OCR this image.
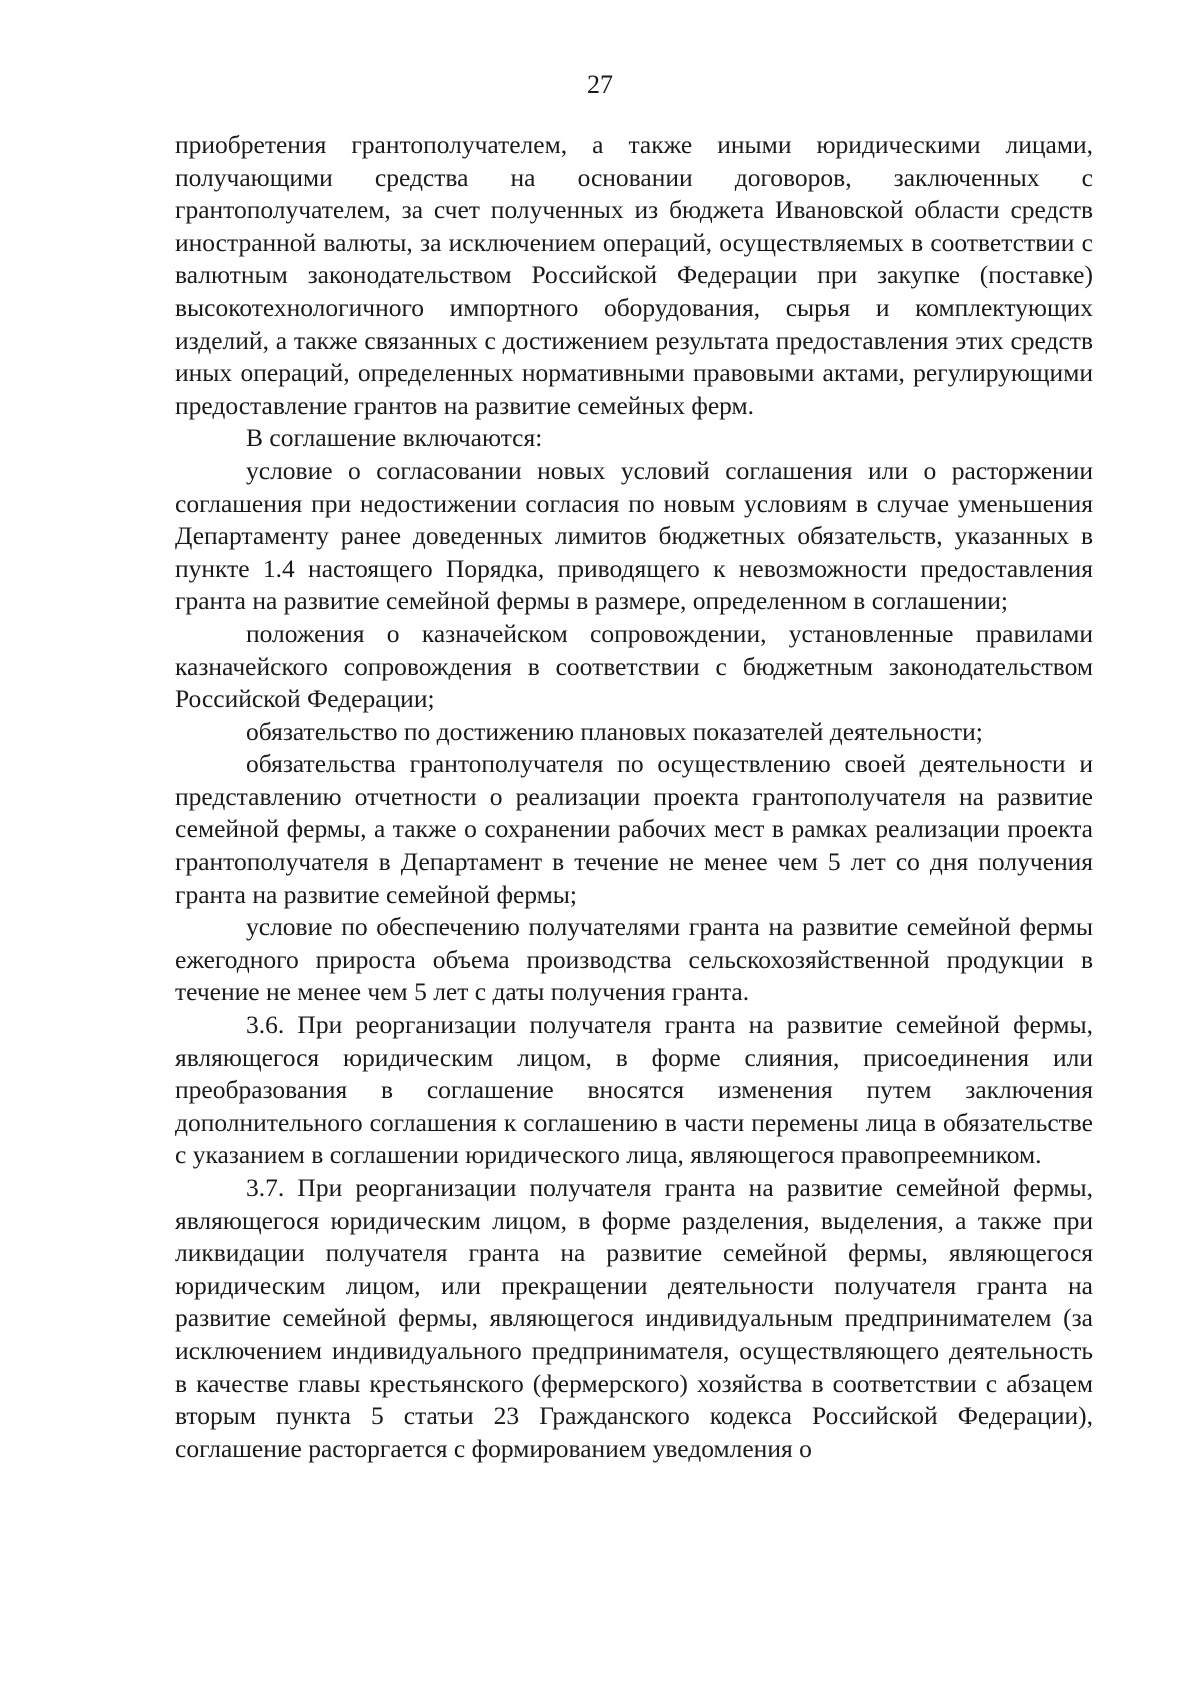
27

приобретения грантополучателем, а также иными юридическими лицами, получающими средства на основании договоров, заключенных с грантополучателем, за счет полученных из бюджета Ивановской области средств иностранной валюты, за исключением операций, осуществляемых в соответствии с валютным законодательством Российской Федерации при закупке (поставке) высокотехнологичного импортного оборудования, сырья и комплектующих изделий, а также связанных с достижением результата предоставления этих средств иных операций, определенных нормативными правовыми актами, регулирующими предоставление грантов на развитие семейных ферм.

В соглашение включаются:

условие о согласовании новых условий соглашения или о расторжении соглашения при недостижении согласия по новым условиям в случае уменьшения Департаменту ранее доведенных лимитов бюджетных обязательств, указанных в пункте 1.4 настоящего Порядка, приводящего к невозможности предоставления гранта на развитие семейной фермы в размере, определенном в соглашении;

положения о казначейском сопровождении, установленные правилами казначейского сопровождения в соответствии с бюджетным законодательством Российской Федерации;

обязательство по достижению плановых показателей деятельности;

обязательства грантополучателя по осуществлению своей деятельности и представлению отчетности о реализации проекта грантополучателя на развитие семейной фермы, а также о сохранении рабочих мест в рамках реализации проекта грантополучателя в Департамент в течение не менее чем 5 лет со дня получения гранта на развитие семейной фермы;

условие по обеспечению получателями гранта на развитие семейной фермы ежегодного прироста объема производства сельскохозяйственной продукции в течение не менее чем 5 лет с даты получения гранта.

3.6. При реорганизации получателя гранта на развитие семейной фермы, являющегося юридическим лицом, в форме слияния, присоединения или преобразования в соглашение вносятся изменения путем заключения дополнительного соглашения к соглашению в части перемены лица в обязательстве с указанием в соглашении юридического лица, являющегося правопреемником.

3.7. При реорганизации получателя гранта на развитие семейной фермы, являющегося юридическим лицом, в форме разделения, выделения, а также при ликвидации получателя гранта на развитие семейной фермы, являющегося юридическим лицом, или прекращении деятельности получателя гранта на развитие семейной фермы, являющегося индивидуальным предпринимателем (за исключением индивидуального предпринимателя, осуществляющего деятельность в качестве главы крестьянского (фермерского) хозяйства в соответствии с абзацем вторым пункта 5 статьи 23 Гражданского кодекса Российской Федерации), соглашение расторгается с формированием уведомления о
